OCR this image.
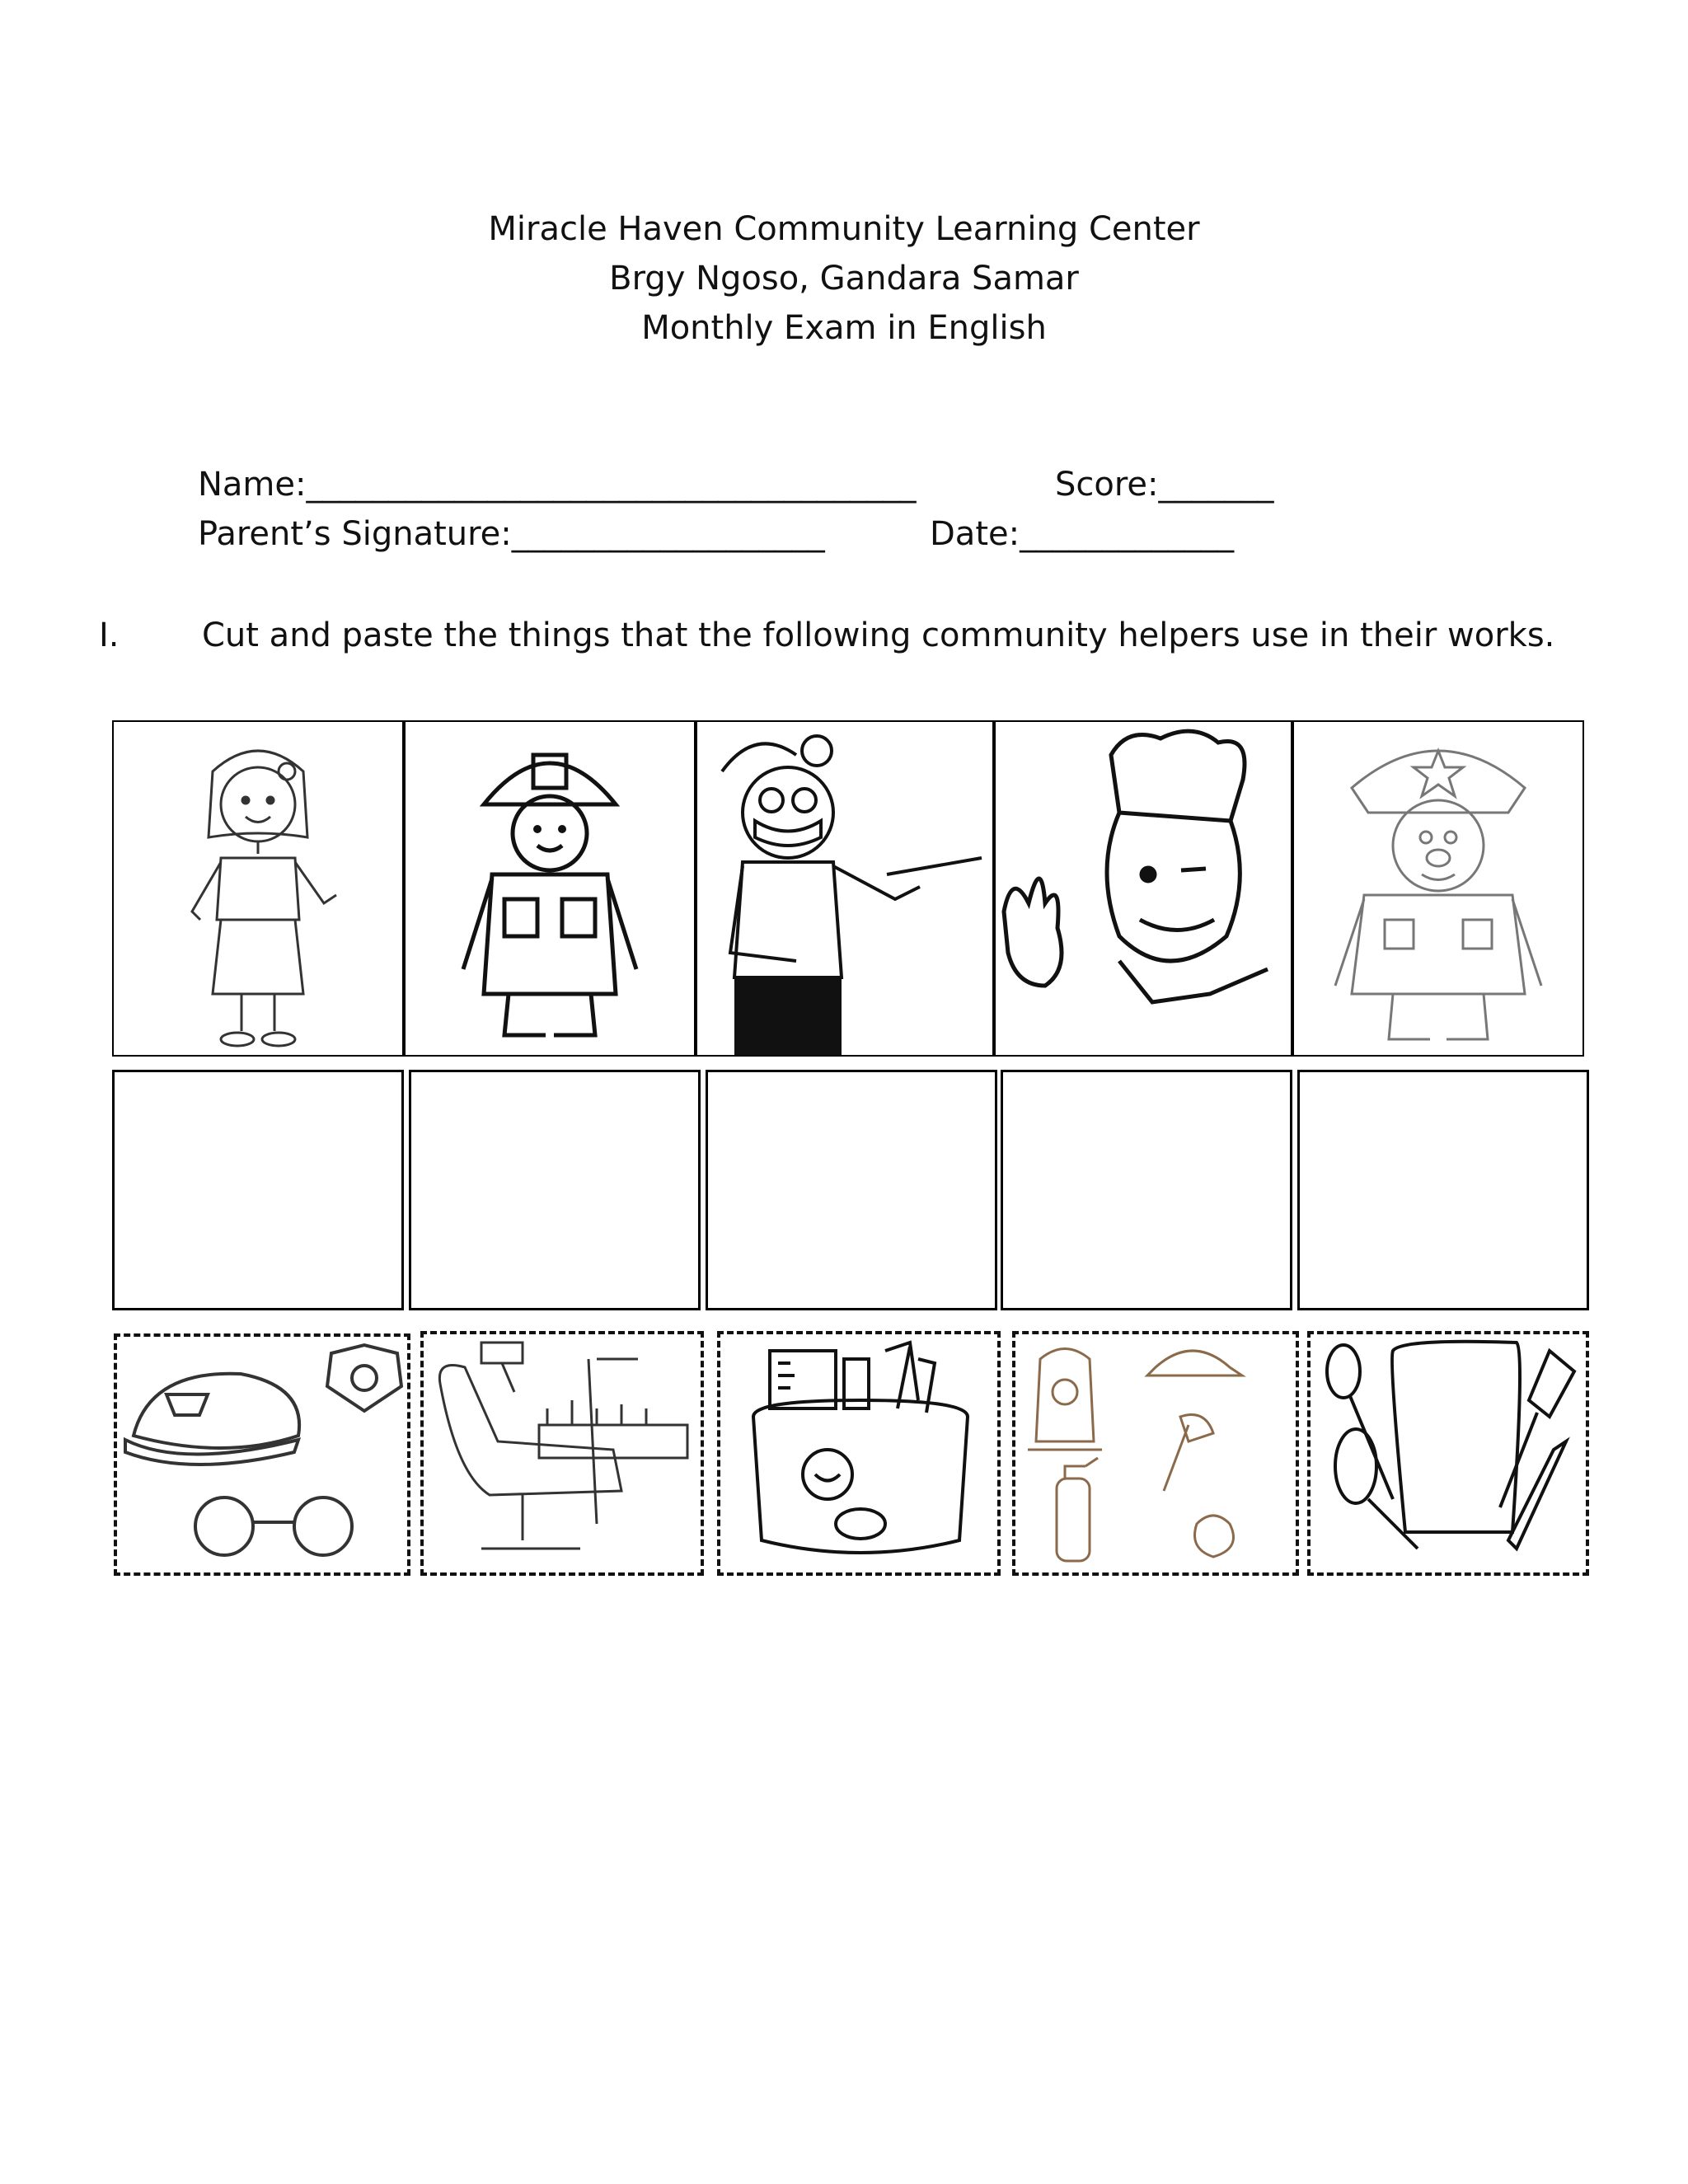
Miracle Haven Community Learning Center
Brgy Ngoso, Gandara Samar
Monthly Exam in English
Name:_____________________________________	Score:_______
Parent’s Signature:___________________	Date:_____________
I.	Cut and paste the things that the following community helpers use in their works.
